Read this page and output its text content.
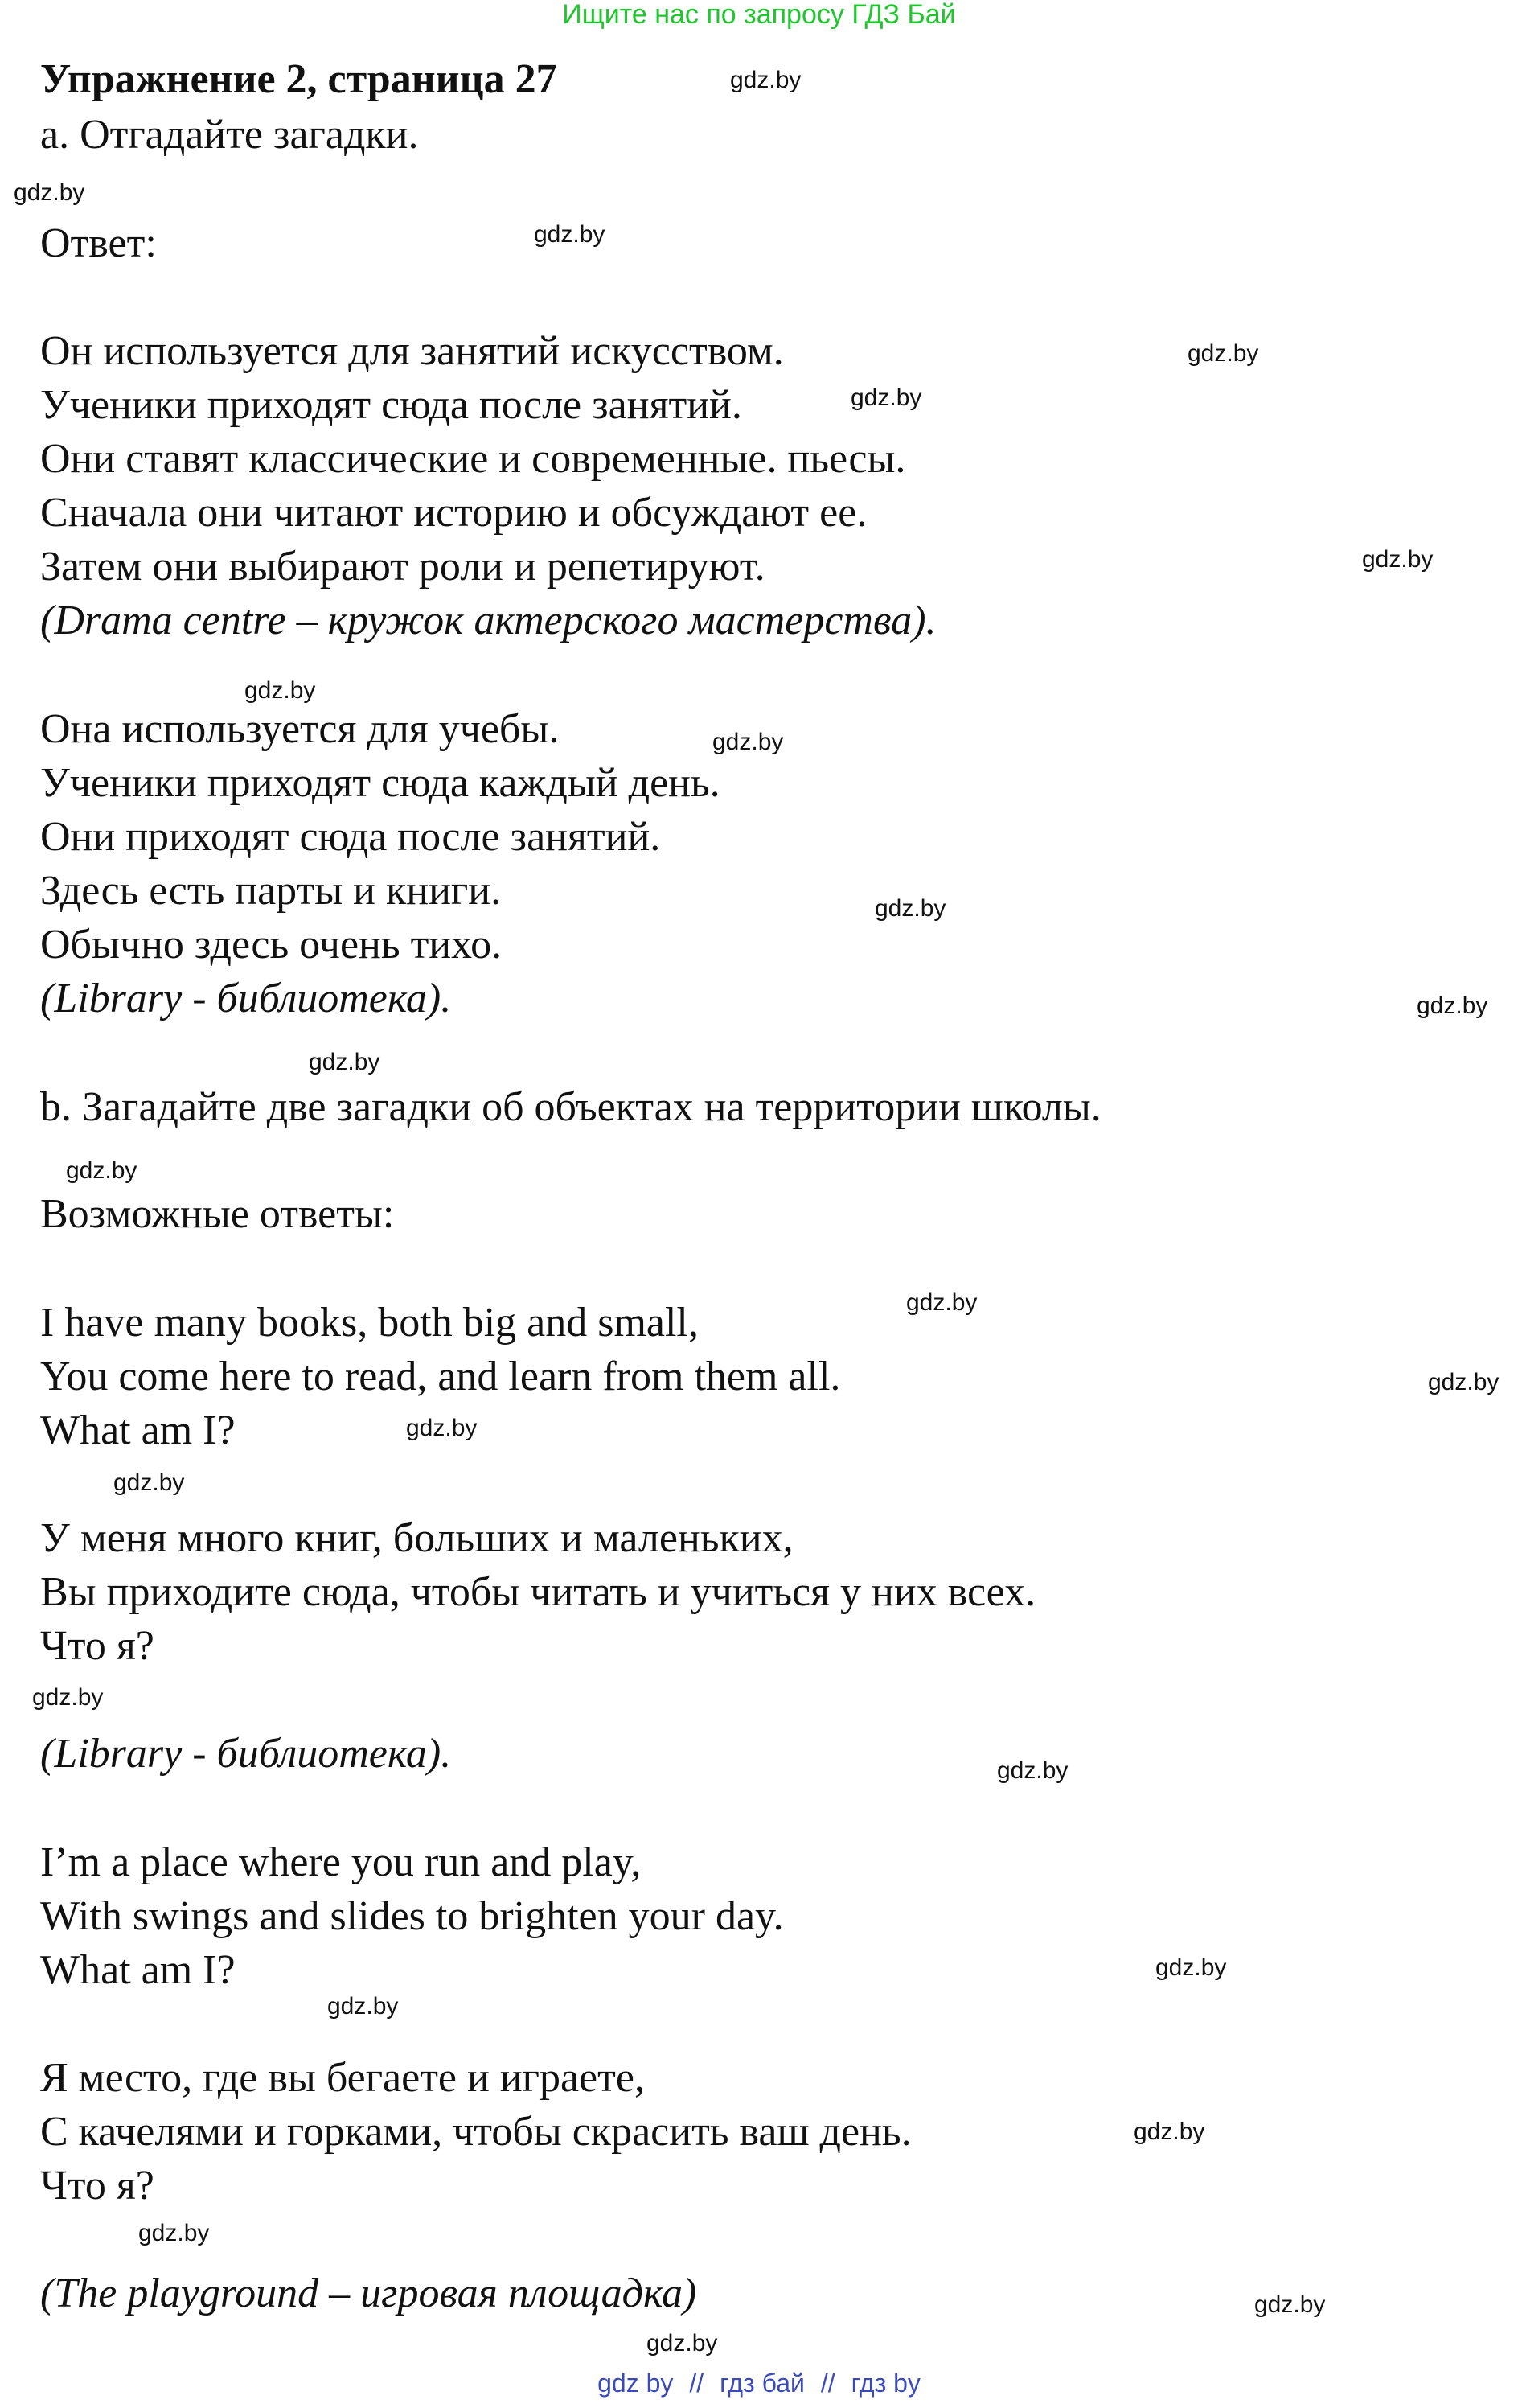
Ищите нас по запросу ГДЗ Бай
Упражнение 2, страница 27
a. Отгадайте загадки.
Ответ:
Он используется для занятий искусством.
Ученики приходят сюда после занятий.
Они ставят классические и современные. пьесы.
Сначала они читают историю и обсуждают ее.
Затем они выбирают роли и репетируют.
(Drama centre – кружок актерского мастерства).
Она используется для учебы.
Ученики приходят сюда каждый день.
Они приходят сюда после занятий.
Здесь есть парты и книги.
Обычно здесь очень тихо.
(Library - библиотека).
b. Загадайте две загадки об объектах на территории школы.
Возможные ответы:
I have many books, both big and small,
You come here to read, and learn from them all.
What am I?
У меня много книг, больших и маленьких,
Вы приходите сюда, чтобы читать и учиться у них всех.
Что я?
(Library - библиотека).
I’m a place where you run and play,
With swings and slides to brighten your day.
What am I?
Я место, где вы бегаете и играете,
С качелями и горками, чтобы скрасить ваш день.
Что я?
(The playground – игровая площадка)
gdz.by
gdz.by
gdz.by
gdz.by
gdz.by
gdz.by
gdz.by
gdz.by
gdz.by
gdz.by
gdz.by
gdz.by
gdz.by
gdz.by
gdz.by
gdz.by
gdz.by
gdz.by
gdz.by
gdz.by
gdz.by
gdz.by
gdz.by
gdz.by
gdz by // гдз бай // гдз by
